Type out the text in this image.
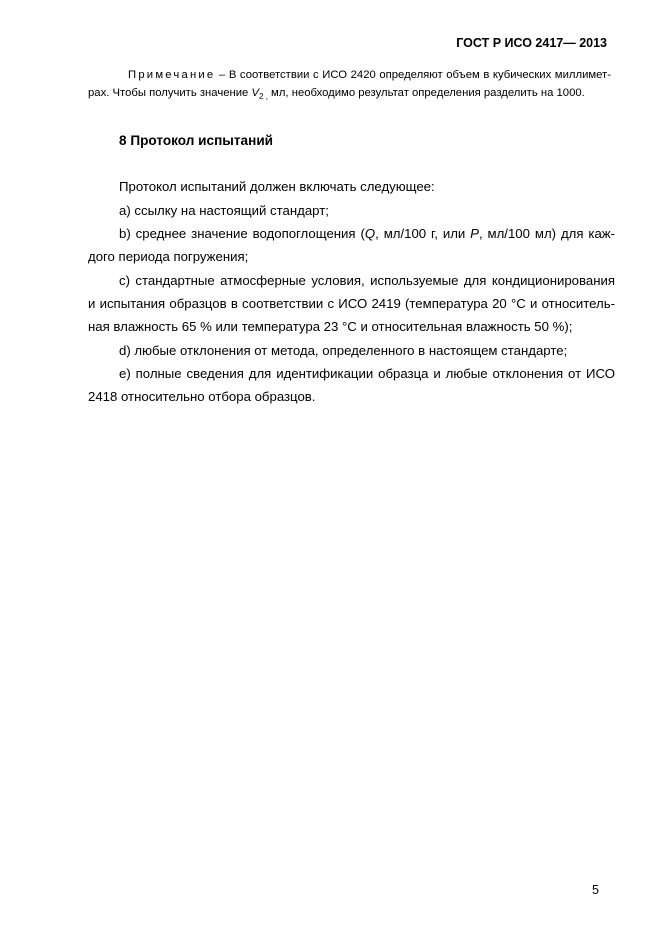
ГОСТ Р ИСО 2417— 2013
Примечание – В соответствии с ИСО 2420 определяют объем в кубических миллимет-
рах. Чтобы получить значение $V_{2 ,}$ мл, необходимо результат определения разделить на 1000.
8 Протокол испытаний
Протокол испытаний должен включать следующее:
а) ссылку на настоящий стандарт;
b) среднее значение водопоглощения (Q, мл/100 г, или P, мл/100 мл) для каж-
дого периода погружения;
с) стандартные атмосферные условия, используемые для кондиционирования
и испытания образцов в соответствии с ИСО 2419 (температура 20 °С и относитель-
ная влажность 65 % или температура 23 °С и относительная влажность 50 %);
d) любые отклонения от метода, определенного в настоящем стандарте;
е) полные сведения для идентификации образца и любые отклонения от ИСО
2418 относительно отбора образцов.
5
